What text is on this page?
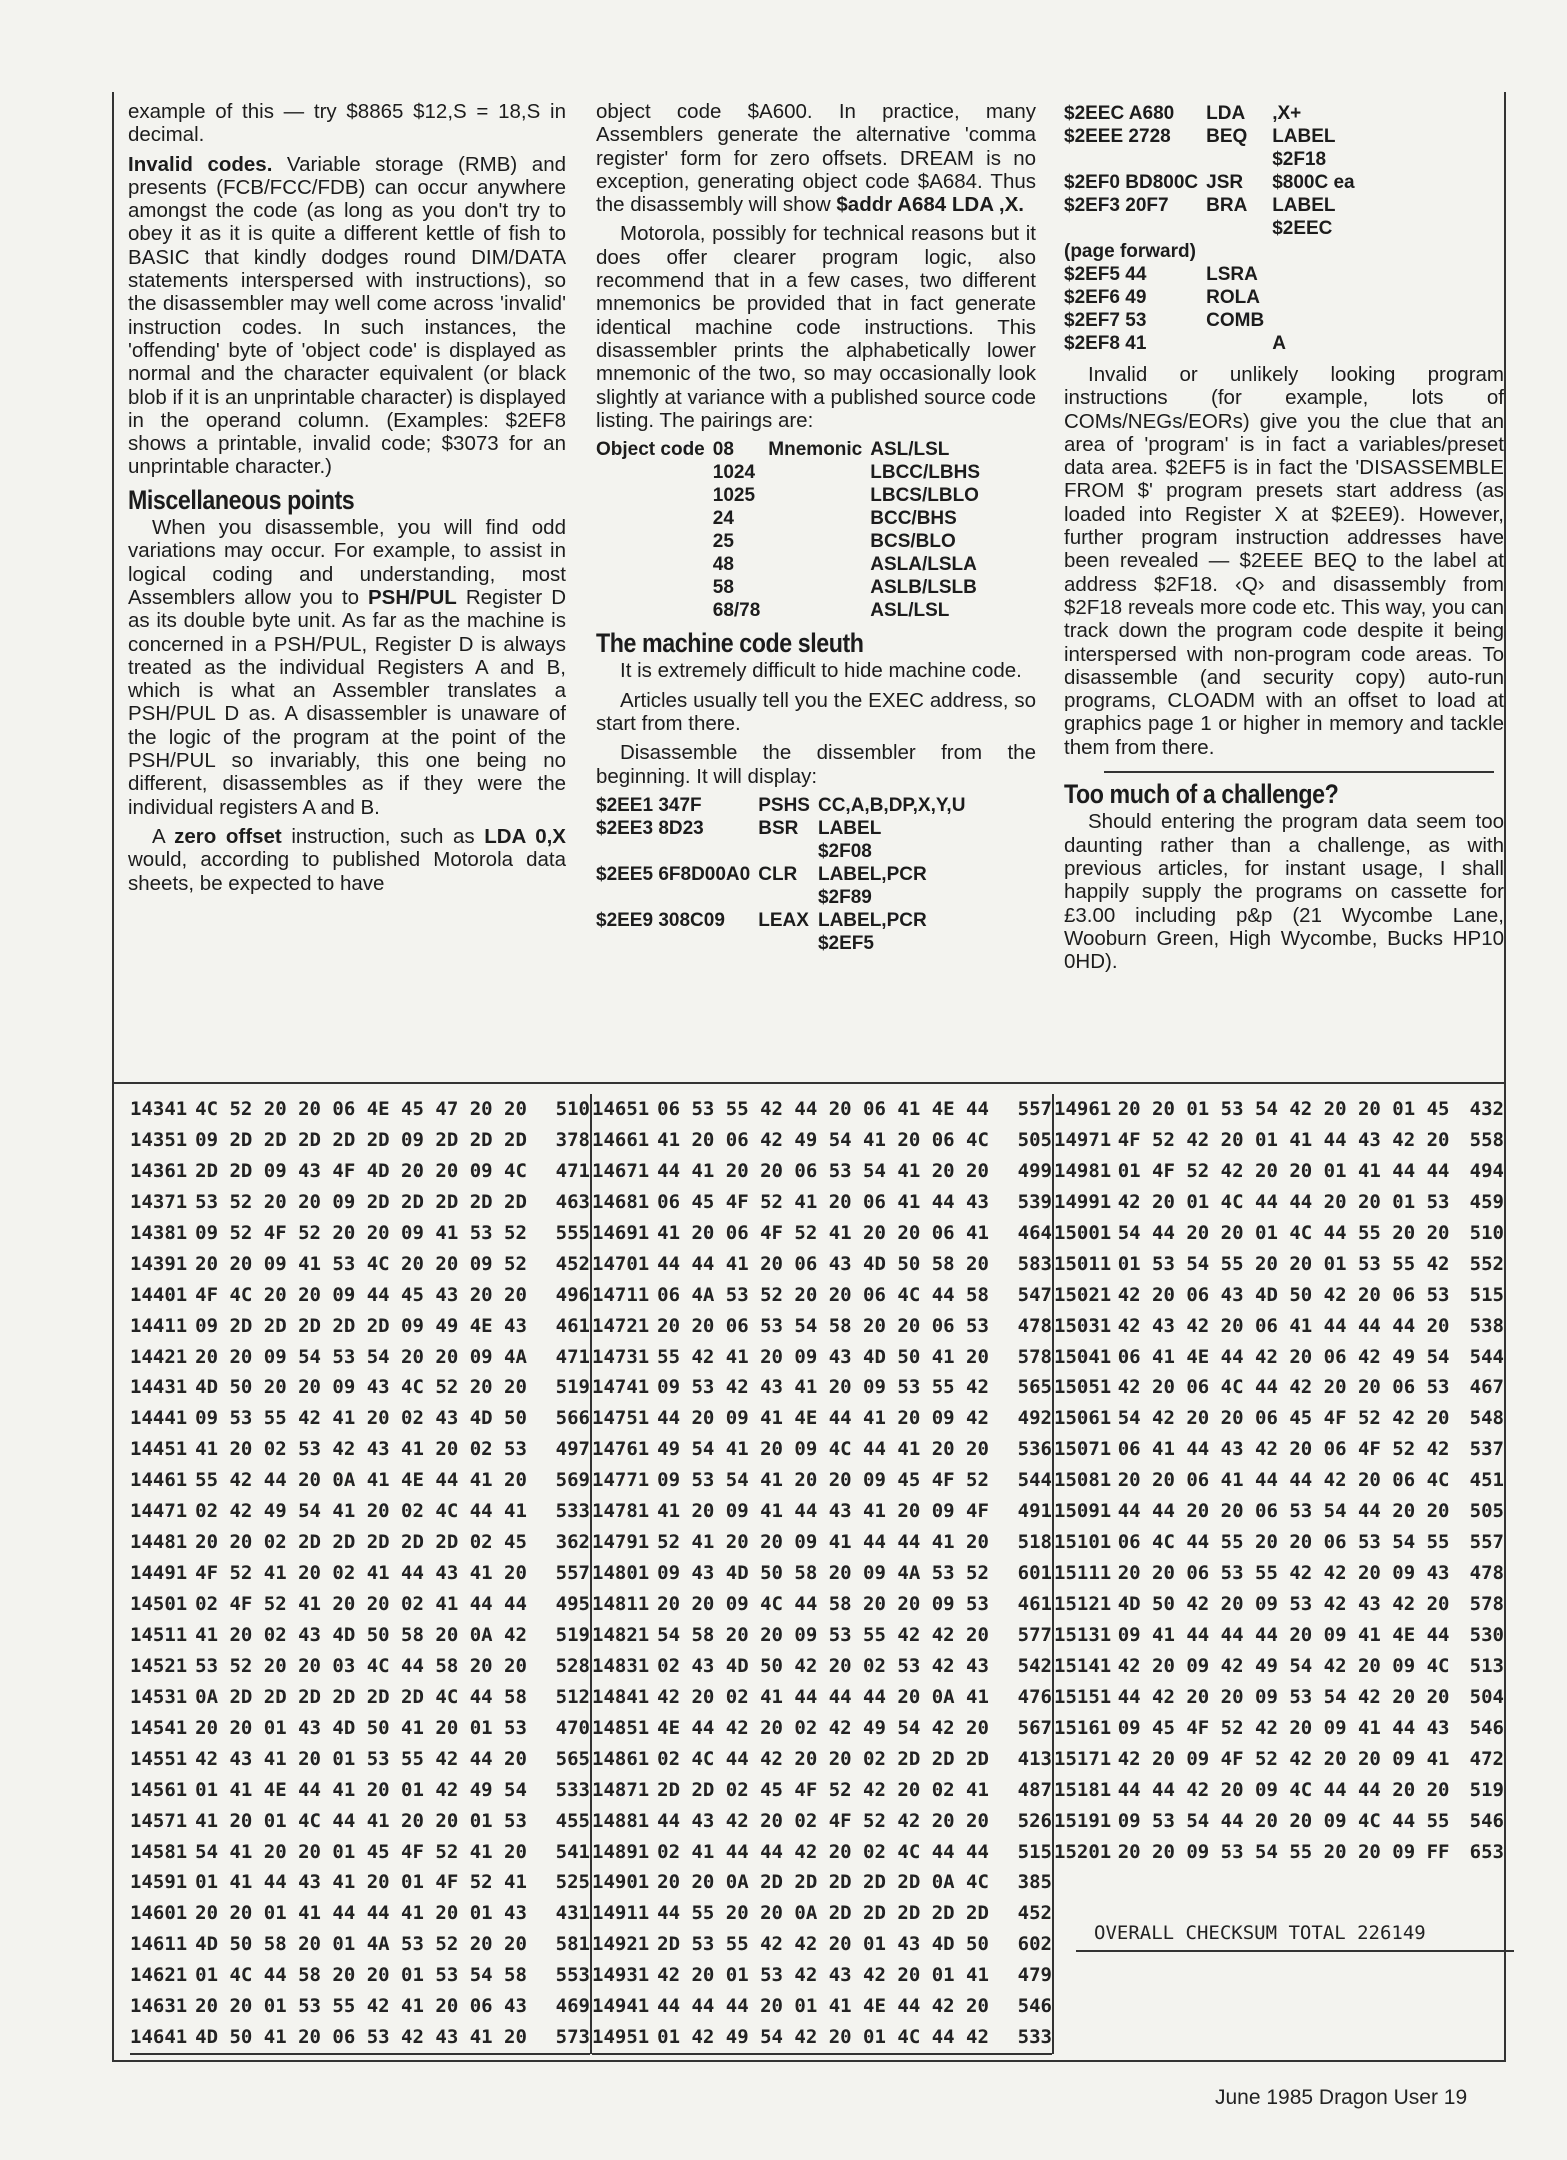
example of this — try $8865 $12,S = 18,S in decimal.

Invalid codes. Variable storage (RMB) and presents (FCB/FCC/FDB) can occur anywhere amongst the code (as long as you don't try to obey it as it is quite a different kettle of fish to BASIC that kindly dodges round DIM/DATA statements interspersed with instructions), so the disassembler may well come across 'invalid' instruction codes. In such instances, the 'offending' byte of 'object code' is displayed as normal and the character equivalent (or black blob if it is an unprintable character) is displayed in the operand column. (Examples: $2EF8 shows a printable, invalid code; $3073 for an unprintable character.)

Miscellaneous points

When you disassemble, you will find odd variations may occur. For example, to assist in logical coding and understanding, most Assemblers allow you to PSH/PUL Register D as its double byte unit. As far as the machine is concerned in a PSH/PUL, Register D is always treated as the individual Registers A and B, which is what an Assembler translates a PSH/PUL D as. A disassembler is unaware of the logic of the program at the point of the PSH/PUL so invariably, this one being no different, disassembles as if they were the individual registers A and B.

A zero offset instruction, such as LDA 0,X would, according to published Motorola data sheets, be expected to have

object code $A600. In practice, many Assemblers generate the alternative 'comma register' form for zero offsets. DREAM is no exception, generating object code $A684. Thus the disassembly will show $addr A684 LDA ,X.

Motorola, possibly for technical reasons but it does offer clearer program logic, also recommend that in a few cases, two different mnemonics be provided that in fact generate identical machine code instructions. This disassembler prints the alphabetically lower mnemonic of the two, so may occasionally look slightly at variance with a published source code listing. The pairings are:

Object code	08	Mnemonic	ASL/LSL
	1024		LBCC/LBHS
	1025		LBCS/LBLO
	24		BCC/BHS
	25		BCS/BLO
	48		ASLA/LSLA
	58		ASLB/LSLB
	68/78		ASL/LSL
The machine code sleuth

It is extremely difficult to hide machine code.

Articles usually tell you the EXEC address, so start from there.

Disassemble the dissembler from the beginning. It will display:

$2EE1 347F	PSHS	CC,A,B,DP,X,Y,U
$2EE3 8D23	BSR	LABEL
		$2F08
$2EE5 6F8D00A0	CLR	LABEL,PCR
		$2F89
$2EE9 308C09	LEAX	LABEL,PCR
		$2EF5
$2EEC A680	LDA	,X+
$2EEE 2728	BEQ	LABEL
		$2F18
$2EF0 BD800C	JSR	$800C ea
$2EF3 20F7	BRA	LABEL
		$2EEC
(page forward)		
$2EF5 44	LSRA	
$2EF6 49	ROLA	
$2EF7 53	COMB	
$2EF8 41		A

Invalid or unlikely looking program instructions (for example, lots of COMs/NEGs/EORs) give you the clue that an area of 'program' is in fact a variables/preset data area. $2EF5 is in fact the 'DISASSEMBLE FROM $' program presets start address (as loaded into Register X at $2EE9). However, further program instruction addresses have been revealed — $2EEE BEQ to the label at address $2F18. ‹Q› and disassembly from $2F18 reveals more code etc. This way, you can track down the program code despite it being interspersed with non-program code areas. To disassemble (and security copy) auto-run programs, CLOADM with an offset to load at graphics page 1 or higher in memory and tackle them from there.

Too much of a challenge?

Should entering the program data seem too daunting rather than a challenge, as with previous articles, for instant usage, I shall happily supply the programs on cassette for £3.00 including p&p (21 Wycombe Lane, Wooburn Green, High Wycombe, Bucks HP10 0HD).

14341 4C 52 20 20 06 4E 45 47 20 20	510
14351 09 2D 2D 2D 2D 2D 09 2D 2D 2D	378
14361 2D 2D 09 43 4F 4D 20 20 09 4C	471
14371 53 52 20 20 09 2D 2D 2D 2D 2D	463
14381 09 52 4F 52 20 20 09 41 53 52	555
14391 20 20 09 41 53 4C 20 20 09 52	452
14401 4F 4C 20 20 09 44 45 43 20 20	496
14411 09 2D 2D 2D 2D 2D 09 49 4E 43	461
14421 20 20 09 54 53 54 20 20 09 4A	471
14431 4D 50 20 20 09 43 4C 52 20 20	519
14441 09 53 55 42 41 20 02 43 4D 50	566
14451 41 20 02 53 42 43 41 20 02 53	497
14461 55 42 44 20 0A 41 4E 44 41 20	569
14471 02 42 49 54 41 20 02 4C 44 41	533
14481 20 20 02 2D 2D 2D 2D 2D 02 45	362
14491 4F 52 41 20 02 41 44 43 41 20	557
14501 02 4F 52 41 20 20 02 41 44 44	495
14511 41 20 02 43 4D 50 58 20 0A 42	519
14521 53 52 20 20 03 4C 44 58 20 20	528
14531 0A 2D 2D 2D 2D 2D 2D 4C 44 58	512
14541 20 20 01 43 4D 50 41 20 01 53	470
14551 42 43 41 20 01 53 55 42 44 20	565
14561 01 41 4E 44 41 20 01 42 49 54	533
14571 41 20 01 4C 44 41 20 20 01 53	455
14581 54 41 20 20 01 45 4F 52 41 20	541
14591 01 41 44 43 41 20 01 4F 52 41	525
14601 20 20 01 41 44 44 41 20 01 43	431
14611 4D 50 58 20 01 4A 53 52 20 20	581
14621 01 4C 44 58 20 20 01 53 54 58	553
14631 20 20 01 53 55 42 41 20 06 43	469
14641 4D 50 41 20 06 53 42 43 41 20	573
14651 06 53 55 42 44 20 06 41 4E 44	557
14661 41 20 06 42 49 54 41 20 06 4C	505
14671 44 41 20 20 06 53 54 41 20 20	499
14681 06 45 4F 52 41 20 06 41 44 43	539
14691 41 20 06 4F 52 41 20 20 06 41	464
14701 44 44 41 20 06 43 4D 50 58 20	583
14711 06 4A 53 52 20 20 06 4C 44 58	547
14721 20 20 06 53 54 58 20 20 06 53	478
14731 55 42 41 20 09 43 4D 50 41 20	578
14741 09 53 42 43 41 20 09 53 55 42	565
14751 44 20 09 41 4E 44 41 20 09 42	492
14761 49 54 41 20 09 4C 44 41 20 20	536
14771 09 53 54 41 20 20 09 45 4F 52	544
14781 41 20 09 41 44 43 41 20 09 4F	491
14791 52 41 20 20 09 41 44 44 41 20	518
14801 09 43 4D 50 58 20 09 4A 53 52	601
14811 20 20 09 4C 44 58 20 20 09 53	461
14821 54 58 20 20 09 53 55 42 42 20	577
14831 02 43 4D 50 42 20 02 53 42 43	542
14841 42 20 02 41 44 44 44 20 0A 41	476
14851 4E 44 42 20 02 42 49 54 42 20	567
14861 02 4C 44 42 20 20 02 2D 2D 2D	413
14871 2D 2D 02 45 4F 52 42 20 02 41	487
14881 44 43 42 20 02 4F 52 42 20 20	526
14891 02 41 44 44 42 20 02 4C 44 44	515
14901 20 20 0A 2D 2D 2D 2D 2D 0A 4C	385
14911 44 55 20 20 0A 2D 2D 2D 2D 2D	452
14921 2D 53 55 42 42 20 01 43 4D 50	602
14931 42 20 01 53 42 43 42 20 01 41	479
14941 44 44 44 20 01 41 4E 44 42 20	546
14951 01 42 49 54 42 20 01 4C 44 42	533
14961 20 20 01 53 54 42 20 20 01 45	432
14971 4F 52 42 20 01 41 44 43 42 20	558
14981 01 4F 52 42 20 20 01 41 44 44	494
14991 42 20 01 4C 44 44 20 20 01 53	459
15001 54 44 20 20 01 4C 44 55 20 20	510
15011 01 53 54 55 20 20 01 53 55 42	552
15021 42 20 06 43 4D 50 42 20 06 53	515
15031 42 43 42 20 06 41 44 44 44 20	538
15041 06 41 4E 44 42 20 06 42 49 54	544
15051 42 20 06 4C 44 42 20 20 06 53	467
15061 54 42 20 20 06 45 4F 52 42 20	548
15071 06 41 44 43 42 20 06 4F 52 42	537
15081 20 20 06 41 44 44 42 20 06 4C	451
15091 44 44 20 20 06 53 54 44 20 20	505
15101 06 4C 44 55 20 20 06 53 54 55	557
15111 20 20 06 53 55 42 42 20 09 43	478
15121 4D 50 42 20 09 53 42 43 42 20	578
15131 09 41 44 44 44 20 09 41 4E 44	530
15141 42 20 09 42 49 54 42 20 09 4C	513
15151 44 42 20 20 09 53 54 42 20 20	504
15161 09 45 4F 52 42 20 09 41 44 43	546
15171 42 20 09 4F 52 42 20 20 09 41	472
15181 44 44 42 20 09 4C 44 44 20 20	519
15191 09 53 54 44 20 20 09 4C 44 55	546
15201 20 20 09 53 54 55 20 20 09 FF	653
OVERALL CHECKSUM TOTAL 226149
June 1985 Dragon User 19
